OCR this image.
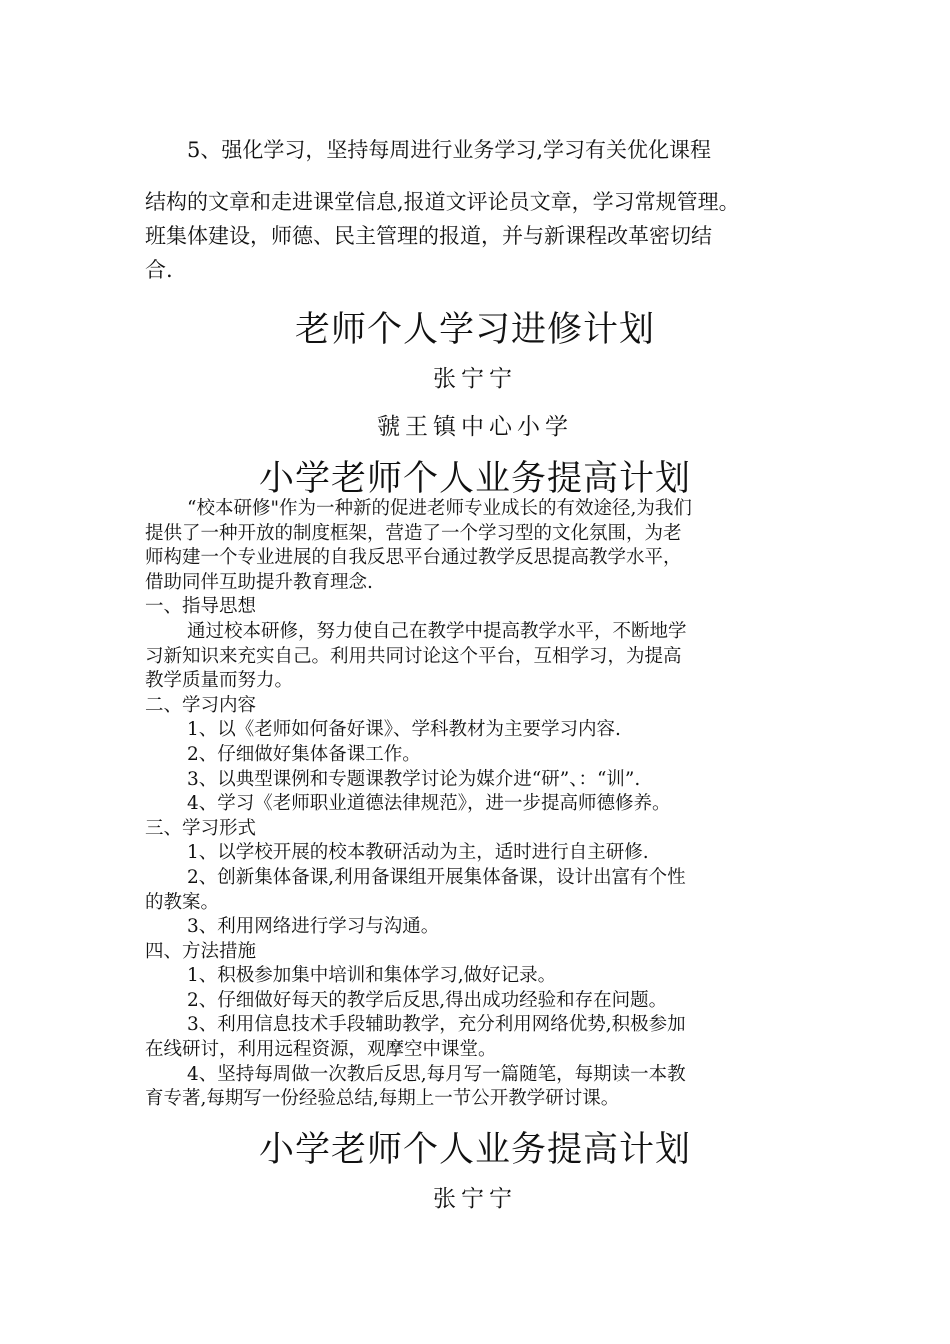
5、强化学习，坚持每周进行业务学习,学习有关优化课程

结构的文章和走进课堂信息,报道文评论员文章，学习常规管理。

班集体建设，师德、民主管理的报道，并与新课程改革密切结

合.

老师个人学习进修计划
张宁宁
虢王镇中心小学
小学老师个人业务提高计划

“校本研修"作为一种新的促进老师专业成长的有效途径,为我们

提供了一种开放的制度框架，营造了一个学习型的文化氛围，为老

师构建一个专业进展的自我反思平台通过教学反思提高教学水平，

借助同伴互助提升教育理念.

一、指导思想

通过校本研修，努力使自己在教学中提高教学水平，不断地学

习新知识来充实自己。利用共同讨论这个平台，互相学习，为提高

教学质量而努力。

二、学习内容

1、以《老师如何备好课》、学科教材为主要学习内容.

2、仔细做好集体备课工作。

3、以典型课例和专题课教学讨论为媒介进“研”、：“训”.

4、学习《老师职业道德法律规范》，进一步提高师德修养。

三、学习形式

1、以学校开展的校本教研活动为主，适时进行自主研修.

2、创新集体备课,利用备课组开展集体备课，设计出富有个性

的教案。

3、利用网络进行学习与沟通。

四、方法措施

1、积极参加集中培训和集体学习,做好记录。

2、仔细做好每天的教学后反思,得出成功经验和存在问题。

3、利用信息技术手段辅助教学，充分利用网络优势,积极参加

在线研讨，利用远程资源，观摩空中课堂。

4、坚持每周做一次教后反思,每月写一篇随笔，每期读一本教

育专著,每期写一份经验总结,每期上一节公开教学研讨课。

小学老师个人业务提高计划
张宁宁
